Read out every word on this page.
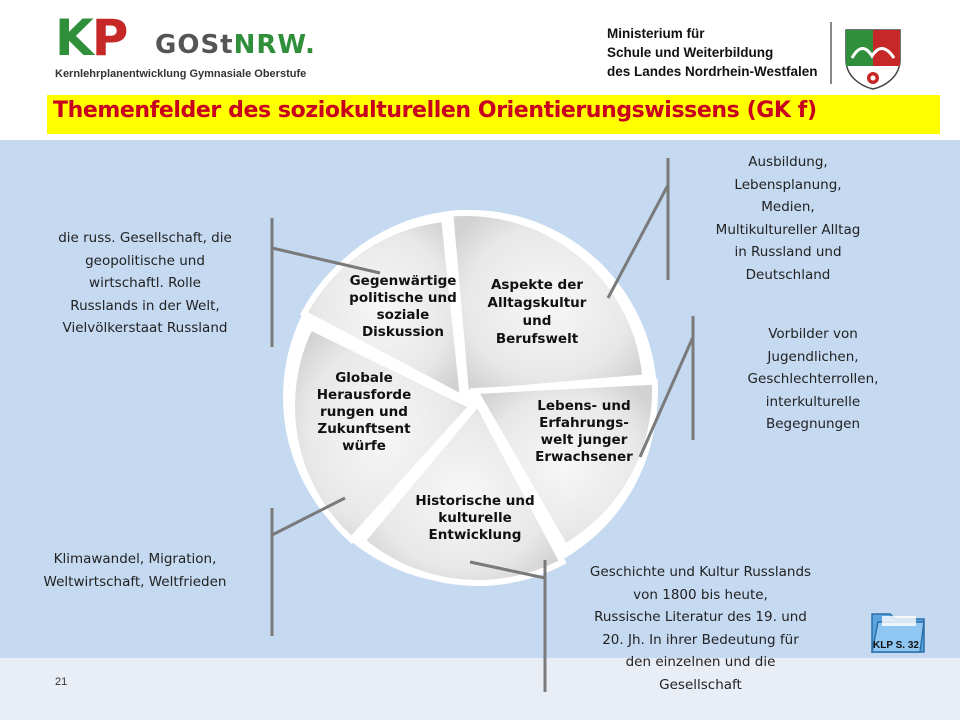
KP GOStNRW.
Kernlehrplanentwicklung Gymnasiale Oberstufe
Ministerium für
Schule und Weiterbildung
des Landes Nordrhein-Westfalen
Themenfelder des soziokulturellen Orientierungswissens (GK f)
Gegenwärtige
politische und
soziale
Diskussion
Aspekte der
Alltagskultur
und
Berufswelt
Lebens- und
Erfahrungs-
welt junger
Erwachsener
Historische und
kulturelle
Entwicklung
Globale
Herausforde
rungen und
Zukunftsent
würfe
die russ. Gesellschaft, die
geopolitische und
wirtschaftl. Rolle
Russlands in der Welt,
Vielvölkerstaat Russland
Ausbildung,
Lebensplanung,
Medien,
Multikultureller Alltag
in Russland und
Deutschland
Vorbilder von
Jugendlichen,
Geschlechterrollen,
interkulturelle
Begegnungen
Klimawandel, Migration,
Weltwirtschaft, Weltfrieden
Geschichte und Kultur Russlands
von 1800 bis heute,
Russische Literatur des 19. und
20. Jh. In ihrer Bedeutung für
den einzelnen und die
Gesellschaft
21
KLP S. 32
